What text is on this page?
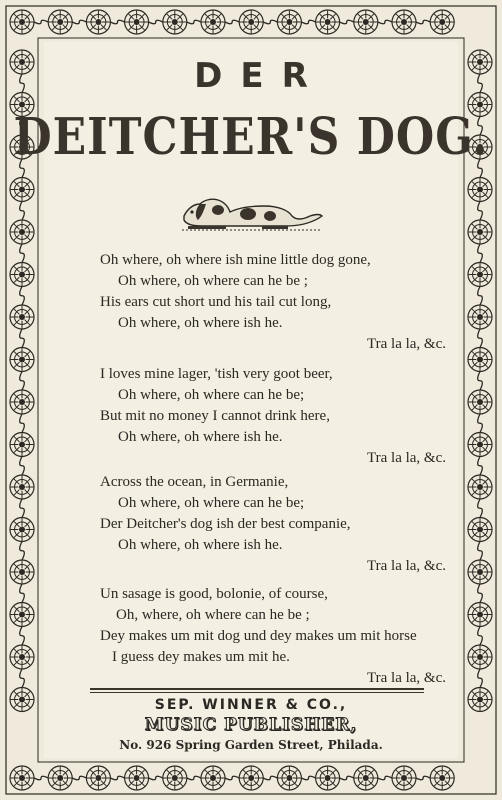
DER
DEITCHER'S DOG.
Oh where, oh where ish mine little dog gone,
Oh where, oh where can he be ;
His ears cut short und his tail cut long,
Oh where, oh where ish he.
Tra la la, &c.
I loves mine lager, 'tish very goot beer,
Oh where, oh where can he be;
But mit no money I cannot drink here,
Oh where, oh where ish he.
Tra la la, &c.
Across the ocean, in Germanie,
Oh where, oh where can he be;
Der Deitcher's dog ish der best companie,
Oh where, oh where ish he.
Tra la la, &c.
Un sasage is good, bolonie, of course,
Oh, where, oh where can he be ;
Dey makes um mit dog und dey makes um mit horse
I guess dey makes um mit he.
Tra la la, &c.
SEP. WINNER & CO.,
MUSIC PUBLISHER,
No. 926 Spring Garden Street, Philada.
